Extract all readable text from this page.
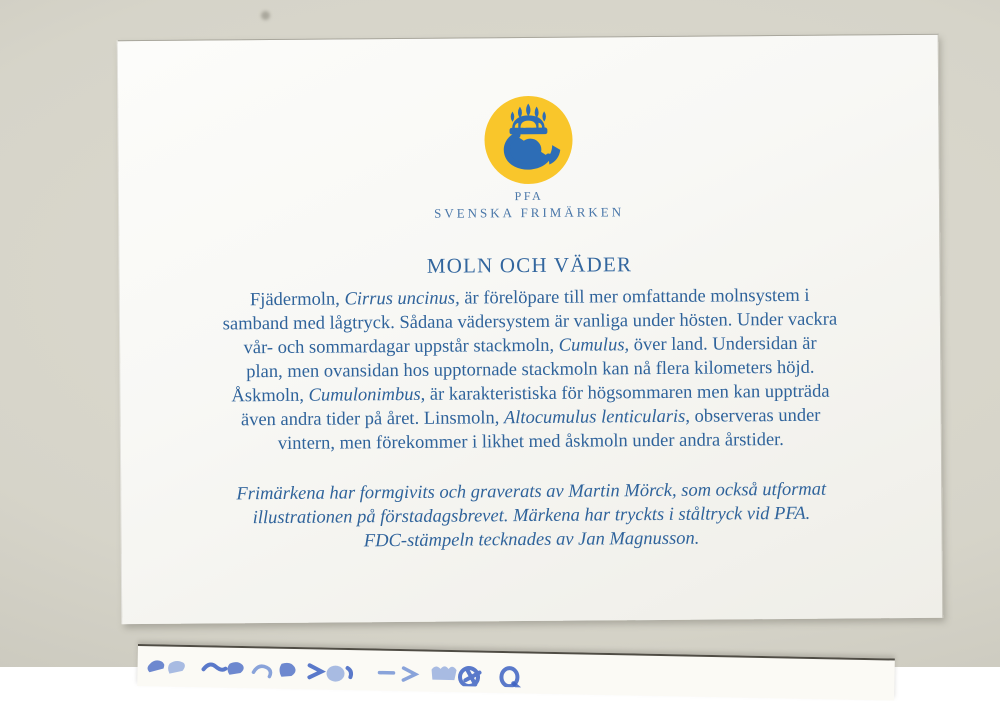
PFA
SVENSKA FRIMÄRKEN
MOLN OCH VÄDER
Fjädermoln, Cirrus uncinus, är förelöpare till mer omfattande molnsystem i
samband med lågtryck. Sådana vädersystem är vanliga under hösten. Under vackra
vår- och sommardagar uppstår stackmoln, Cumulus, över land. Undersidan är
plan, men ovansidan hos upptornade stackmoln kan nå flera kilometers höjd.
Åskmoln, Cumulonimbus, är karakteristiska för högsommaren men kan uppträda
även andra tider på året. Linsmoln, Altocumulus lenticularis, observeras under
vintern, men förekommer i likhet med åskmoln under andra årstider.
Frimärkena har formgivits och graverats av Martin Mörck, som också utformat
illustrationen på förstadagsbrevet. Märkena har tryckts i ståltryck vid PFA.
FDC-stämpeln tecknades av Jan Magnusson.
